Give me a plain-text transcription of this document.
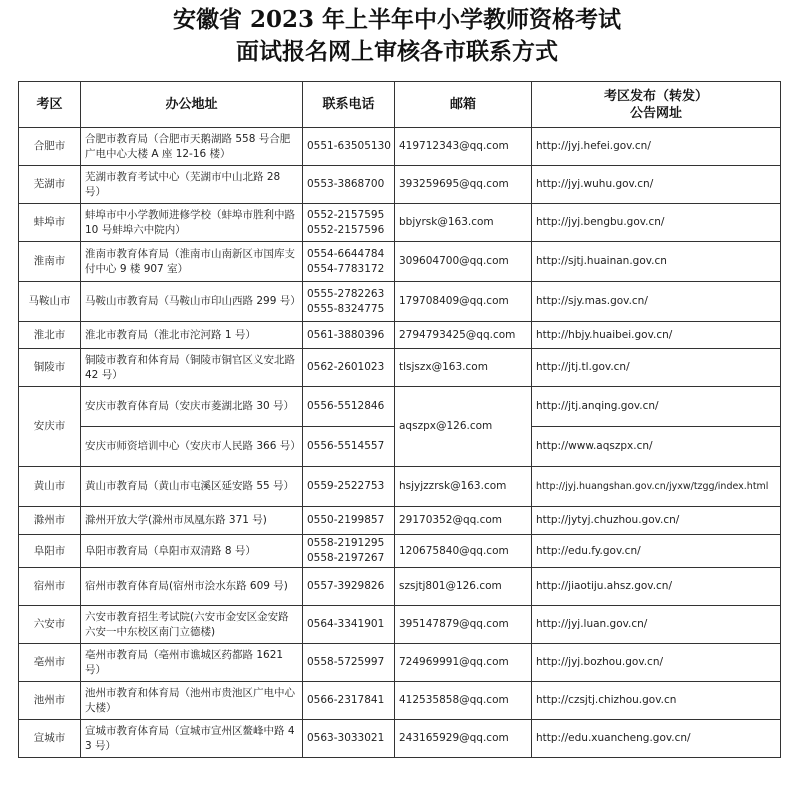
安徽省 2023 年上半年中小学教师资格考试
面试报名网上审核各市联系方式
考区	办公地址	联系电话	邮箱	考区发布（转发）
公告网址

合肥市	合肥市教育局（合肥市天鹅湖路 558 号合肥广电中心大楼 A 座 12-16 楼）	0551-63505130	419712343@qq.com	http://jyj.hefei.gov.cn/
芜湖市	芜湖市教育考试中心（芜湖市中山北路 28 号）	0553-3868700	393259695@qq.com	http://jyj.wuhu.gov.cn/
蚌埠市	蚌埠市中小学教师进修学校（蚌埠市胜利中路 10 号蚌埠六中院内）	0552-2157595
0552-2157596	bbjyrsk@163.com	http://jyj.bengbu.gov.cn/
淮南市	淮南市教育体育局（淮南市山南新区市国库支付中心 9 楼 907 室）	0554-6644784
0554-7783172	309604700@qq.com	http://sjtj.huainan.gov.cn
马鞍山市	马鞍山市教育局（马鞍山市印山西路 299 号）	0555-2782263
0555-8324775	179708409@qq.com	http://sjy.mas.gov.cn/
淮北市	淮北市教育局（淮北市沱河路 1 号）	0561-3880396	2794793425@qq.com	http://hbjy.huaibei.gov.cn/
铜陵市	铜陵市教育和体育局（铜陵市铜官区义安北路 42 号）	0562-2601023	tlsjszx@163.com	http://jtj.tl.gov.cn/
安庆市	安庆市教育体育局（安庆市菱湖北路 30 号）	0556-5512846	aqszpx@126.com	http://jtj.anqing.gov.cn/

	安庆市师资培训中心（安庆市人民路 366 号）	0556-5514557		http://www.aqszpx.cn/
黄山市	黄山市教育局（黄山市屯溪区延安路 55 号）	0559-2522753	hsjyjzzrsk@163.com	http://jyj.huangshan.gov.cn/jyxw/tzgg/index.html

滁州市	滁州开放大学(滁州市凤凰东路 371 号)	0550-2199857	29170352@qq.com	http://jytyj.chuzhou.gov.cn/
阜阳市	阜阳市教育局（阜阳市双清路 8 号）	0558-2191295
0558-2197267	120675840@qq.com	http://edu.fy.gov.cn/
宿州市	宿州市教育体育局(宿州市浍水东路 609 号)	0557-3929826	szsjtj801@126.com	http://jiaotiju.ahsz.gov.cn/
六安市	六安市教育招生考试院(六安市金安区金安路六安一中东校区南门立德楼)	0564-3341901	395147879@qq.com	http://jyj.luan.gov.cn/
亳州市	亳州市教育局（亳州市谯城区药都路 1621 号）	0558-5725997	724969991@qq.com	http://jyj.bozhou.gov.cn/
池州市	池州市教育和体育局（池州市贵池区广电中心大楼）	0566-2317841	412535858@qq.com	http://czsjtj.chizhou.gov.cn
宣城市	宣城市教育体育局（宣城市宣州区鳌峰中路 43 号）	0563-3033021	243165929@qq.com	http://edu.xuancheng.gov.cn/
